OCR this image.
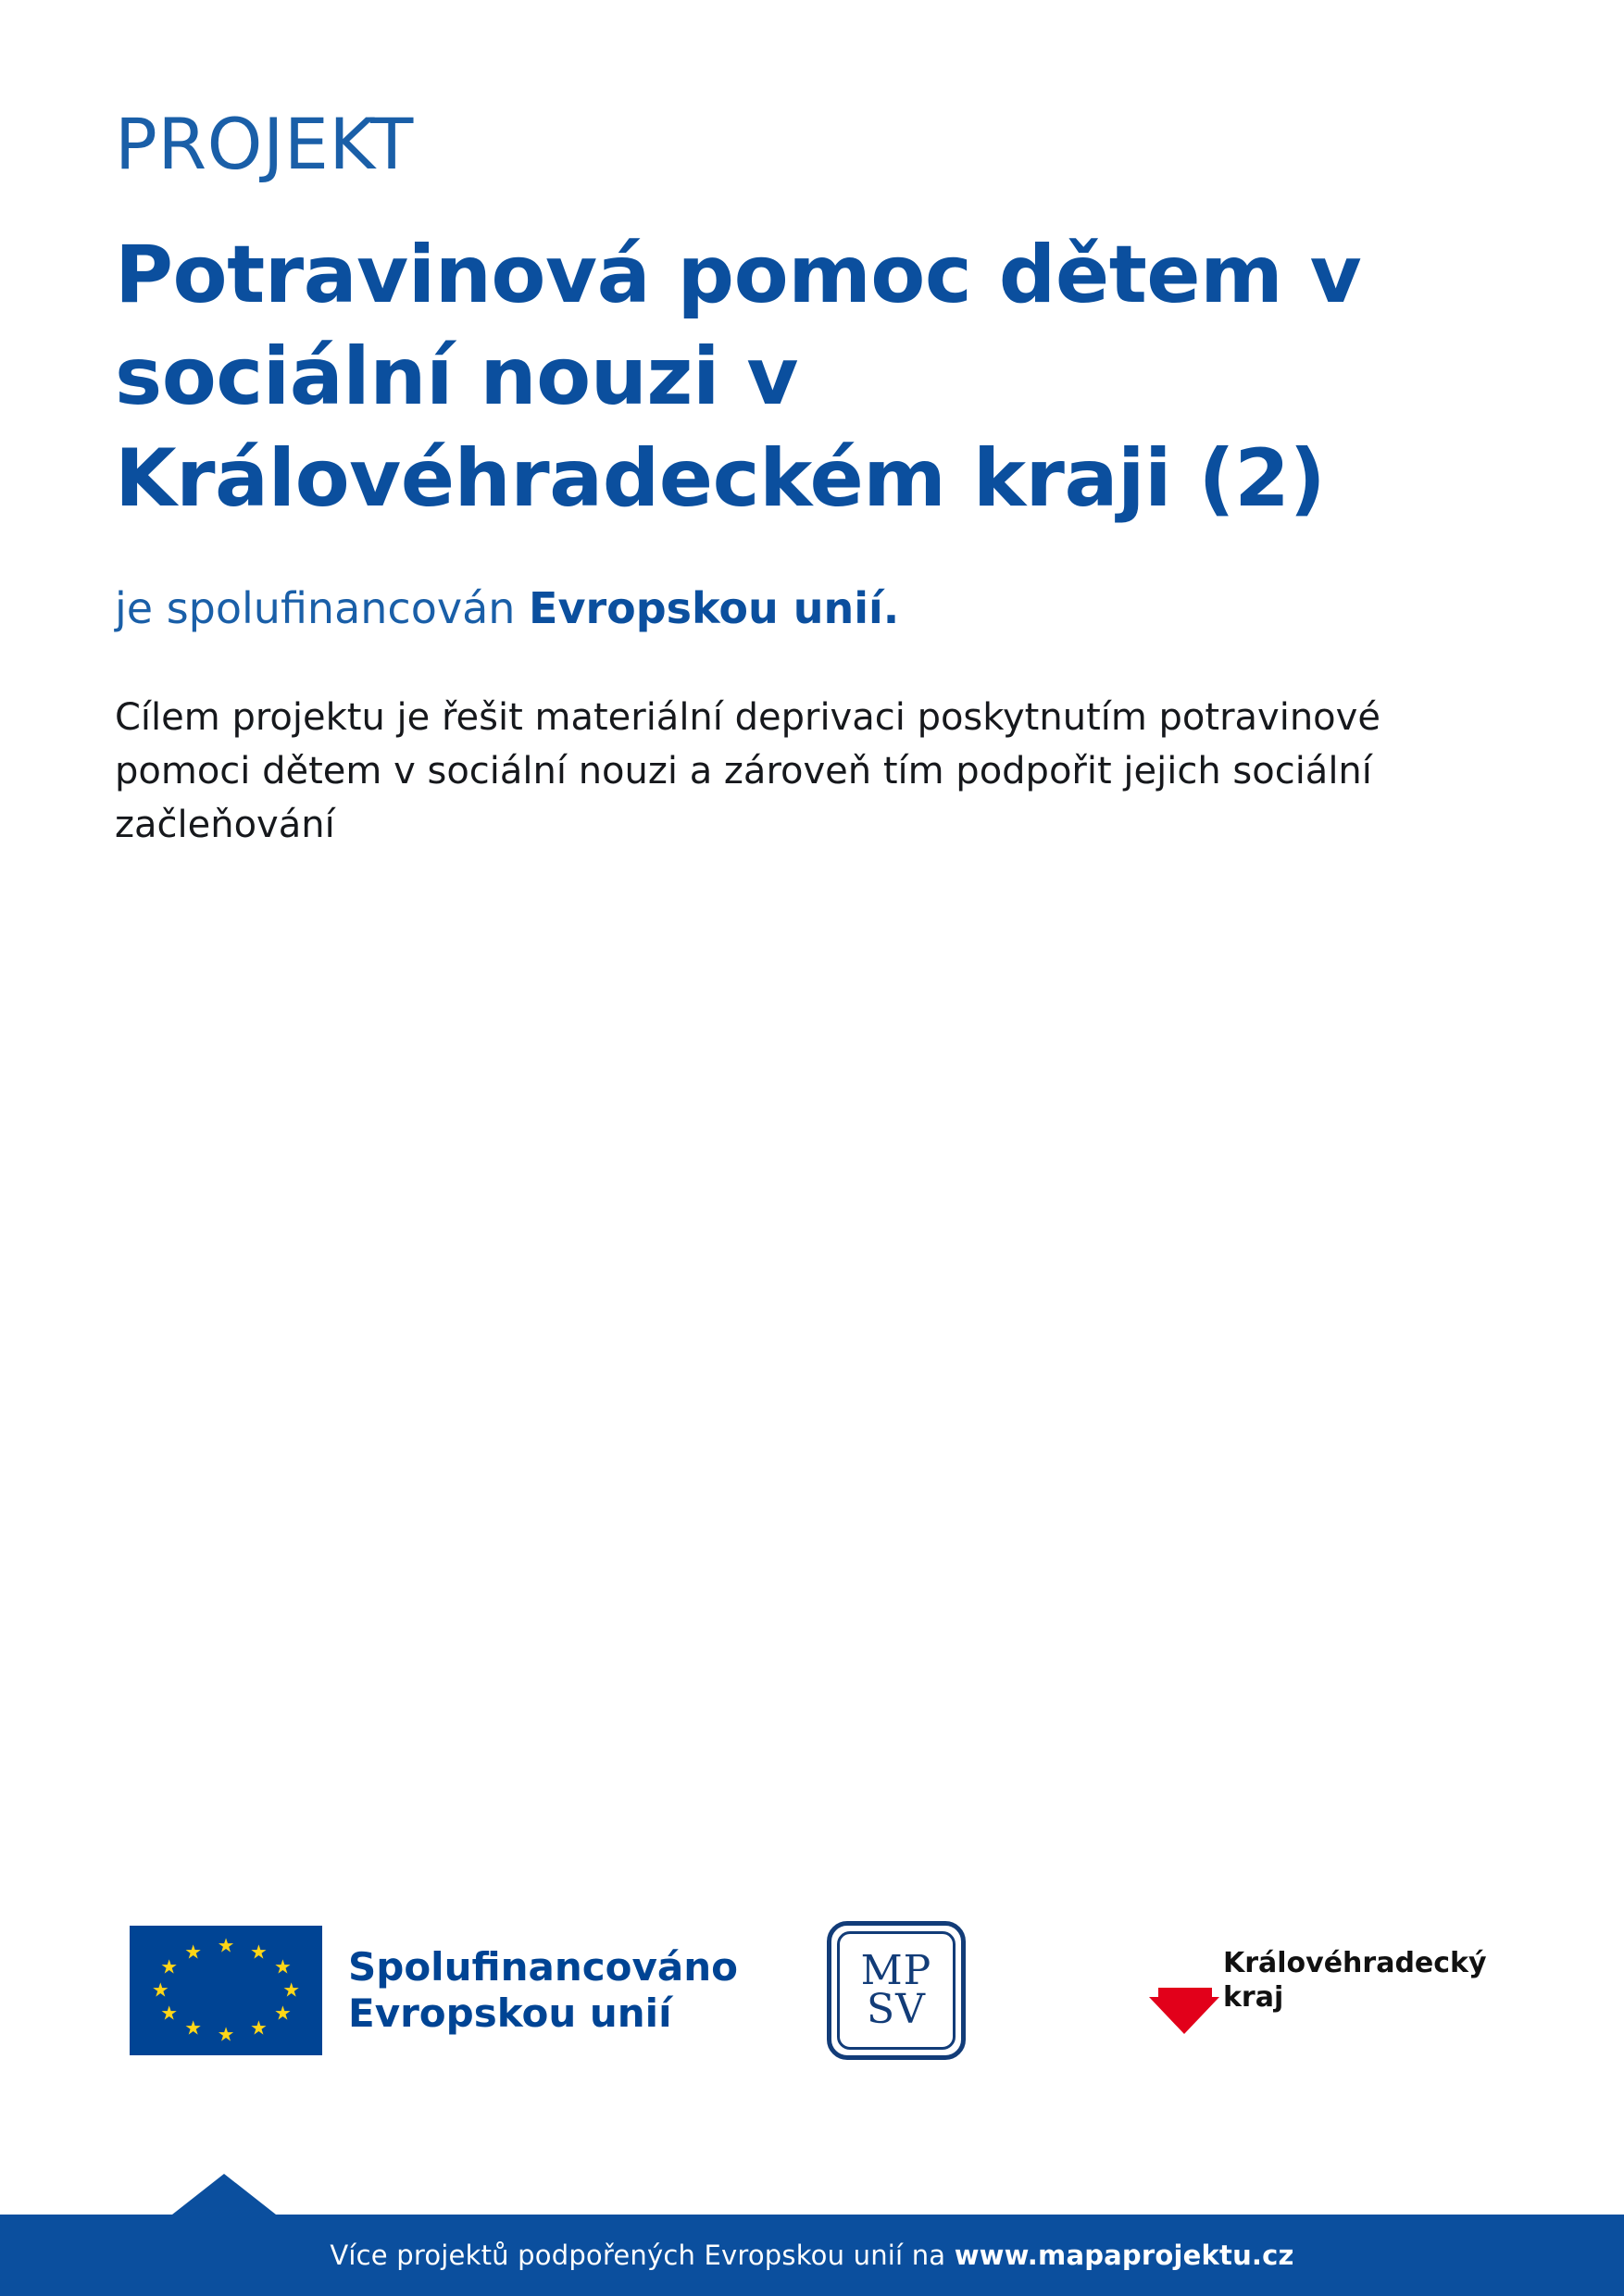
PROJEKT
Potravinová pomoc dětem v sociální nouzi v Královéhradeckém kraji (2)

je spolufinancován Evropskou unií.

Cílem projektu je řešit materiální deprivaci poskytnutím potravinové pomoci dětem v sociální nouzi a zároveň tím podpořit jejich sociální začleňování

★ ★
★
★
★
★
★
★
★
★
★
★	Spolufinancováno
Evropskou unií
MP
SV
Královéhradecký
kraj
Více projektů podpořených Evropskou unií na www.mapaprojektu.cz
